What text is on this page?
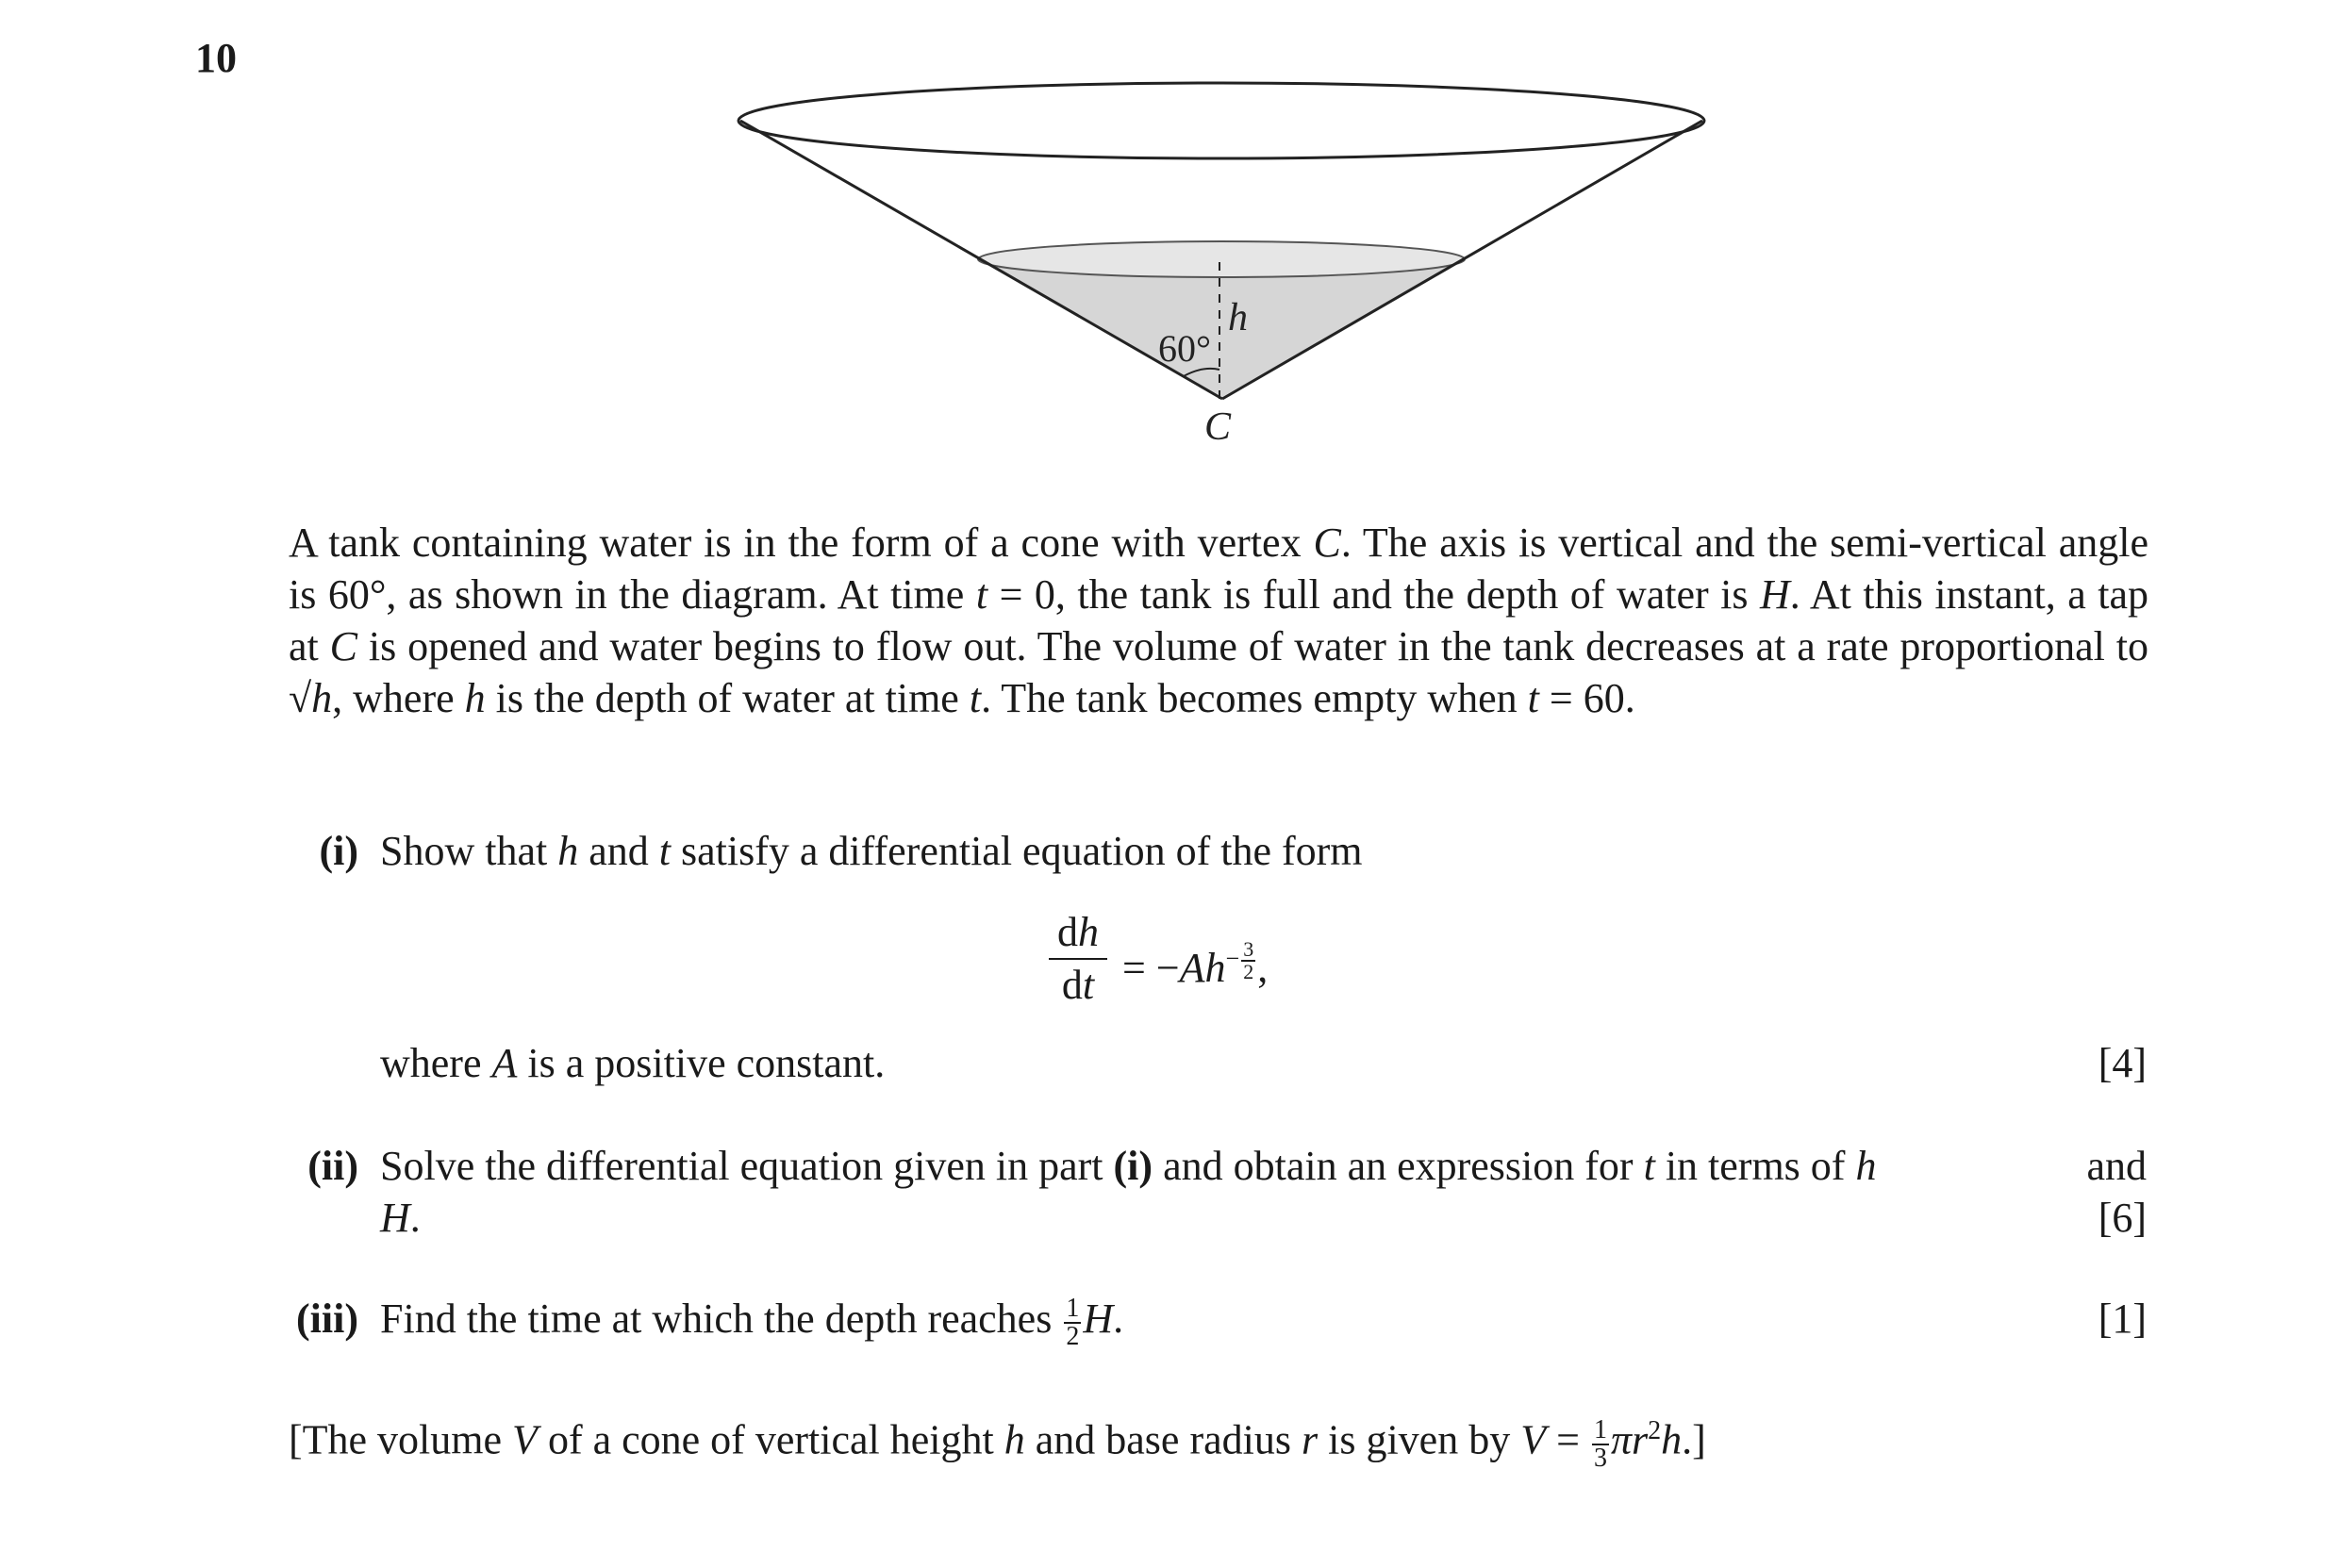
10
60°
h
C
A tank containing water is in the form of a cone with vertex C. The axis is vertical and the semi-vertical angle is 60°, as shown in the diagram. At time t = 0, the tank is full and the depth of water is H. At this instant, a tap at C is opened and water begins to flow out. The volume of water in the tank decreases at a rate proportional to √h, where h is the depth of water at time t. The tank becomes empty when t = 60.
(i) Show that h and t satisfy a differential equation of the form
$\frac{dh}{dt} = -Ah- \frac{3}{2}$ ,
where A is a positive constant.	[4]
(ii) Solve the differential equation given in part (i) and obtain an expression for t in terms of h	and
H.	[6]
(iii) Find the time at which the depth reaches $\frac{1}{2} H$.	[1]
[The volume V of a cone of vertical height h and base radius r is given by $V = \frac{1}{3} \pi r^2h$.]
